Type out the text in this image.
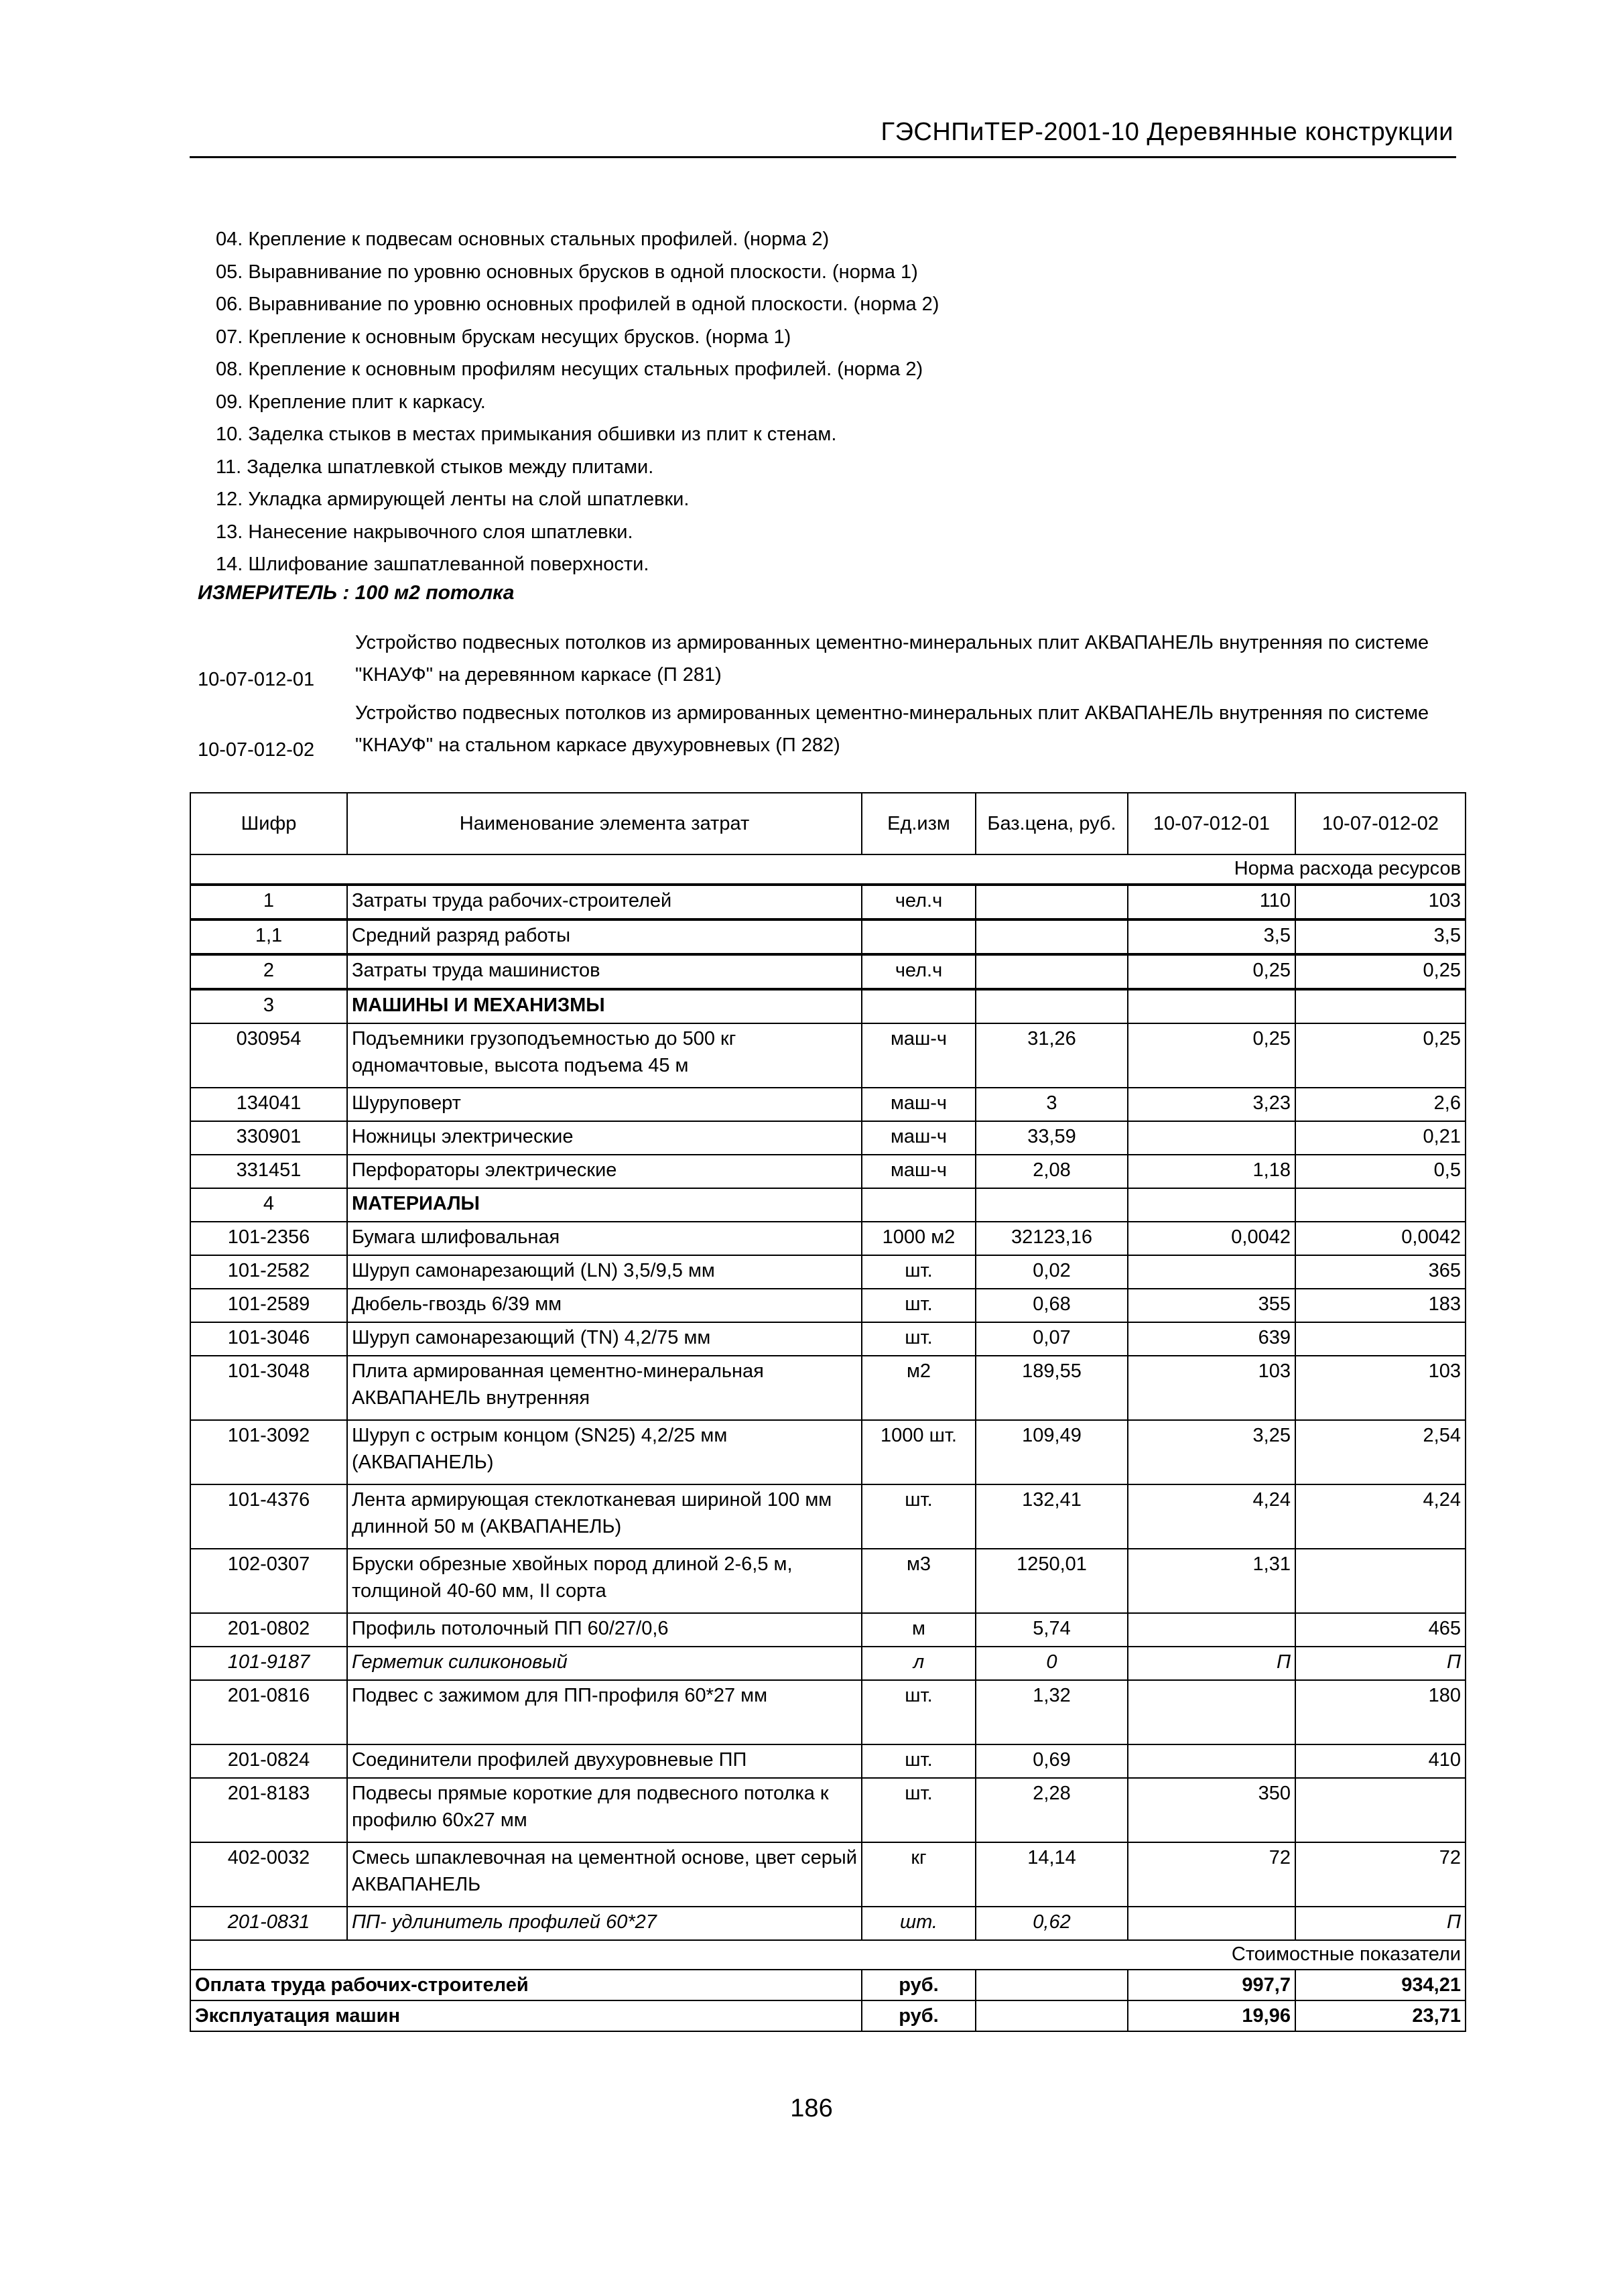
ГЭСНПиТЕР-2001-10 Деревянные конструкции
04. Крепление к подвесам основных стальных профилей. (норма 2)
05. Выравнивание по уровню основных брусков в одной плоскости. (норма 1)
06. Выравнивание по уровню основных профилей в одной плоскости. (норма 2)
07. Крепление к основным брускам несущих брусков. (норма 1)
08. Крепление к основным профилям несущих стальных профилей. (норма 2)
09. Крепление плит к каркасу.
10. Заделка стыков в местах примыкания обшивки из плит к стенам.
11. Заделка шпатлевкой стыков между плитами.
12. Укладка армирующей ленты на слой шпатлевки.
13. Нанесение накрывочного слоя шпатлевки.
14. Шлифование зашпатлеванной поверхности.
ИЗМЕРИТЕЛЬ : 100 м2 потолка
10-07-012-01
Устройство подвесных потолков из армированных цементно-минеральных плит АКВАПАНЕЛЬ внутренняя по системе "КНАУФ" на деревянном каркасе (П 281)
10-07-012-02
Устройство подвесных потолков из армированных цементно-минеральных плит АКВАПАНЕЛЬ внутренняя по системе "КНАУФ" на стальном каркасе двухуровневых (П 282)
Шифр	Наименование элемента затрат	Ед.изм	Баз.цена, руб.	10-07-012-01	10-07-012-02
Норма расхода ресурсов					
1	Затраты труда рабочих-строителей	чел.ч		110	103
1,1	Средний разряд работы			3,5	3,5
2	Затраты труда машинистов	чел.ч		0,25	0,25
3	МАШИНЫ И МЕХАНИЗМЫ				
030954	Подъемники грузоподъемностью до 500 кг одномачтовые, высота подъема 45 м	маш-ч	31,26	0,25	0,25
134041	Шуруповерт	маш-ч	3	3,23	2,6
330901	Ножницы электрические	маш-ч	33,59		0,21
331451	Перфораторы электрические	маш-ч	2,08	1,18	0,5
4	МАТЕРИАЛЫ				
101-2356	Бумага шлифовальная	1000 м2	32123,16	0,0042	0,0042
101-2582	Шуруп самонарезающий (LN) 3,5/9,5 мм	шт.	0,02		365
101-2589	Дюбель-гвоздь 6/39 мм	шт.	0,68	355	183
101-3046	Шуруп самонарезающий (TN) 4,2/75 мм	шт.	0,07	639	
101-3048	Плита армированная цементно-минеральная АКВАПАНЕЛЬ внутренняя	м2	189,55	103	103
101-3092	Шуруп с острым концом (SN25) 4,2/25 мм (АКВАПАНЕЛЬ)	1000 шт.	109,49	3,25	2,54
101-4376	Лента армирующая стеклотканевая шириной 100 мм длинной 50 м (АКВАПАНЕЛЬ)	шт.	132,41	4,24	4,24
102-0307	Бруски обрезные хвойных пород длиной 2-6,5 м, толщиной 40-60 мм, II сорта	м3	1250,01	1,31	
201-0802	Профиль потолочный ПП 60/27/0,6	м	5,74		465
101-9187	Герметик силиконовый	л	0	П	П
201-0816	Подвес с зажимом для ПП-профиля 60*27 мм	шт.	1,32		180
201-0824	Соединители профилей двухуровневые ПП	шт.	0,69		410
201-8183	Подвесы прямые короткие для подвесного потолка к профилю 60х27 мм	шт.	2,28	350	
402-0032	Смесь шпаклевочная на цементной основе, цвет серый АКВАПАНЕЛЬ	кг	14,14	72	72
201-0831	ПП- удлинитель профилей 60*27	шт.	0,62		П
Стоимостные показатели					
Оплата труда рабочих-строителей		руб.		997,7	934,21
Эксплуатация машин		руб.		19,96	23,71
186
